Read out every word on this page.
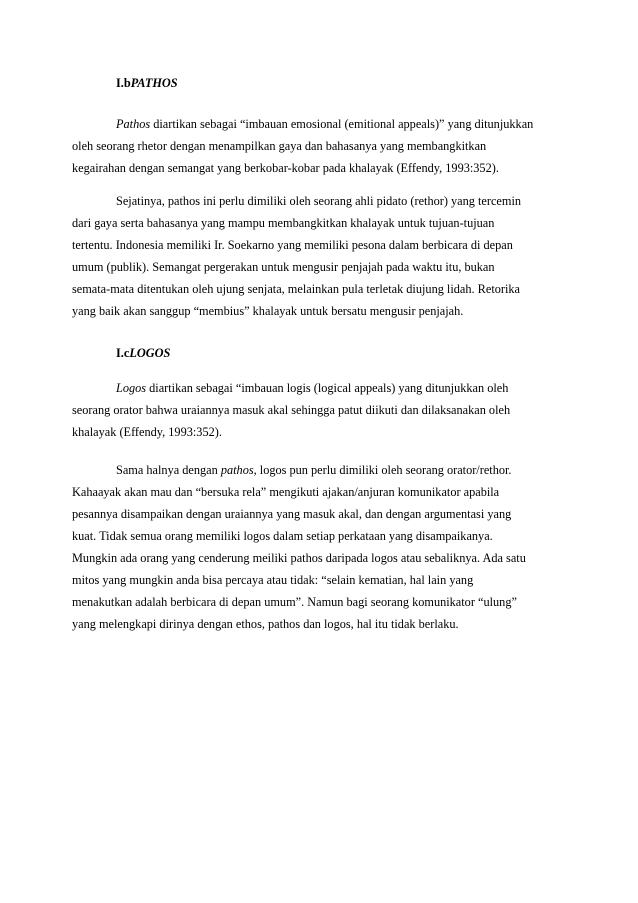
I.bPATHOS
Pathos diartikan sebagai “imbauan emosional (emitional appeals)” yang ditunjukkan
oleh seorang rhetor dengan menampilkan gaya dan bahasanya yang membangkitkan
kegairahan dengan semangat yang berkobar-kobar pada khalayak (Effendy, 1993:352).
Sejatinya, pathos ini perlu dimiliki oleh seorang ahli pidato (rethor) yang tercemin
dari gaya serta bahasanya yang mampu membangkitkan khalayak untuk tujuan-tujuan
tertentu. Indonesia memiliki Ir. Soekarno yang memiliki pesona dalam berbicara di depan
umum (publik). Semangat pergerakan untuk mengusir penjajah pada waktu itu, bukan
semata-mata ditentukan oleh ujung senjata, melainkan pula terletak diujung lidah. Retorika
yang baik akan sanggup “membius” khalayak untuk bersatu mengusir penjajah.
I.cLOGOS
Logos diartikan sebagai “imbauan logis (logical appeals) yang ditunjukkan oleh
seorang orator bahwa uraiannya masuk akal sehingga patut diikuti dan dilaksanakan oleh
khalayak (Effendy, 1993:352).
Sama halnya dengan pathos, logos pun perlu dimiliki oleh seorang orator/rethor.
Kahaayak akan mau dan “bersuka rela” mengikuti ajakan/anjuran komunikator apabila
pesannya disampaikan dengan uraiannya yang masuk akal, dan dengan argumentasi yang
kuat. Tidak semua orang memiliki logos dalam setiap perkataan yang disampaikanya.
Mungkin ada orang yang cenderung meiliki pathos daripada logos atau sebaliknya. Ada satu
mitos yang mungkin anda bisa percaya atau tidak: “selain kematian, hal lain yang
menakutkan adalah berbicara di depan umum”. Namun bagi seorang komunikator “ulung”
yang melengkapi dirinya dengan ethos, pathos dan logos, hal itu tidak berlaku.
